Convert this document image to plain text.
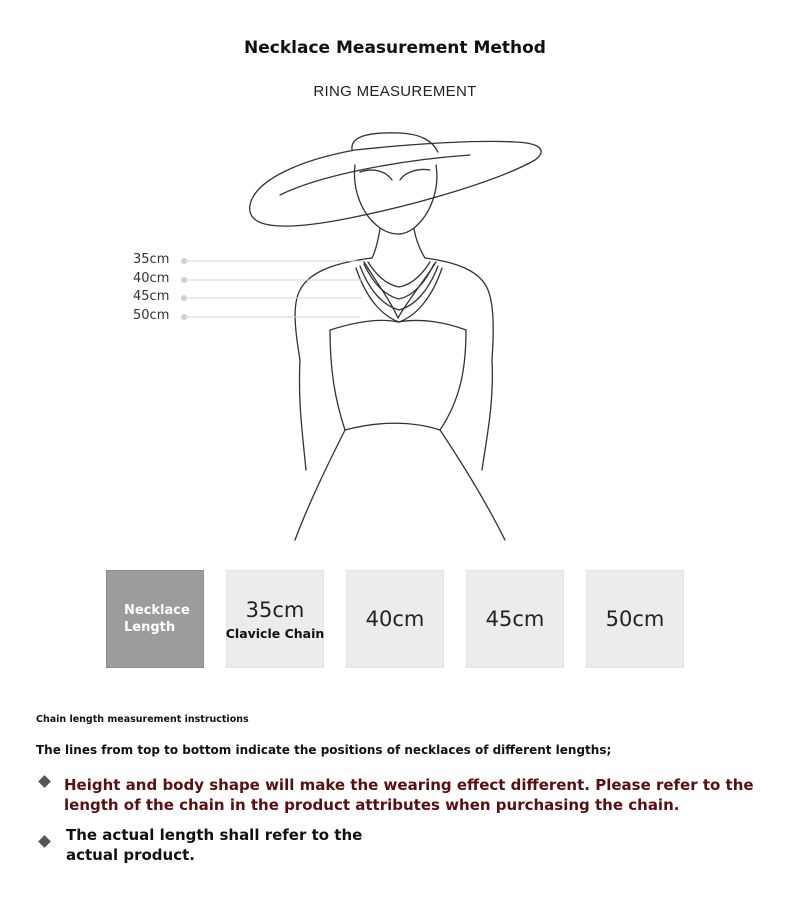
Necklace Measurement Method
RING MEASUREMENT
35cm
40cm
45cm
50cm
Necklace
Length
35cm
Clavicle Chain
40cm	45cm	50cm
Chain length measurement instructions
The lines from top to bottom indicate the positions of necklaces of different lengths;
Height and body shape will make the wearing effect different. Please refer to the length of the chain in the product attributes when purchasing the chain.
The actual length shall refer to the actual product.
